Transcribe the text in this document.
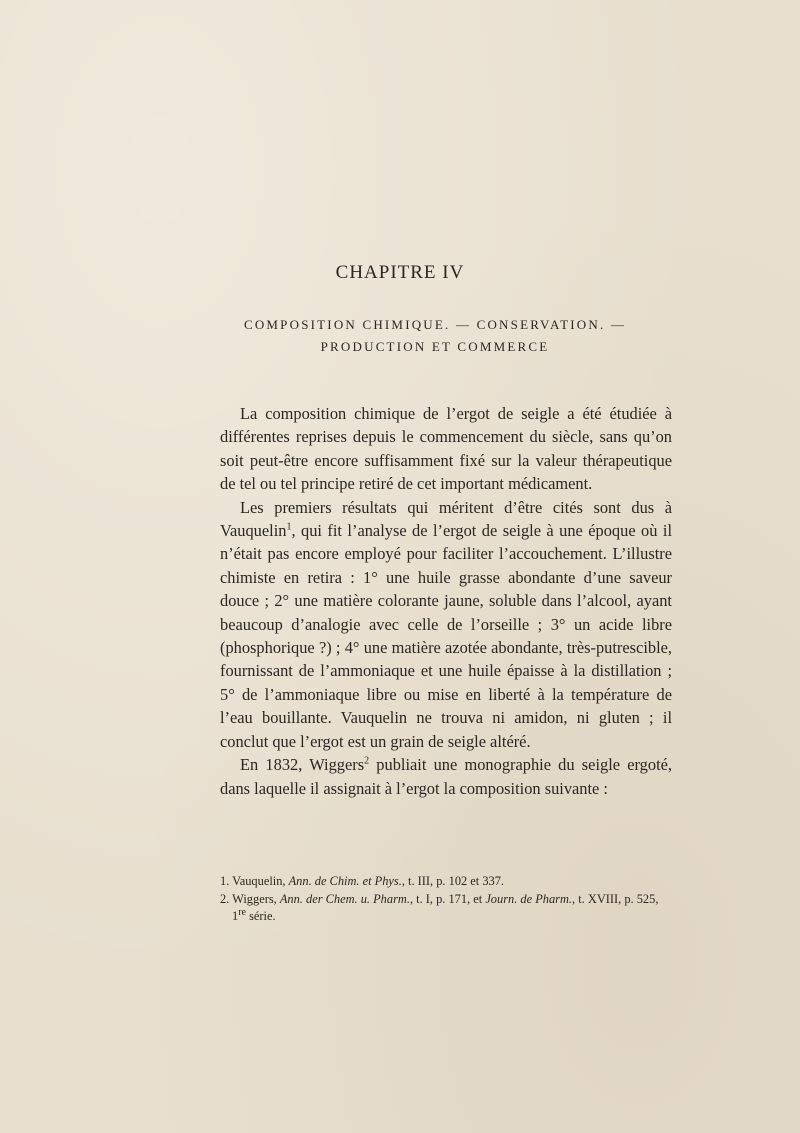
CHAPITRE IV
COMPOSITION CHIMIQUE. — CONSERVATION. —
PRODUCTION ET COMMERCE

La composition chimique de l’ergot de seigle a été étudiée à différentes reprises depuis le commencement du siècle, sans qu’on soit peut-être encore suffisamment fixé sur la valeur thérapeutique de tel ou tel principe retiré de cet important médicament.

Les premiers résultats qui méritent d’être cités sont dus à Vauquelin$^1$, qui fit l’analyse de l’ergot de seigle à une époque où il n’était pas encore employé pour faciliter l’accouchement. L’illustre chimiste en retira : 1° une huile grasse abondante d’une saveur douce ; 2° une matière colorante jaune, soluble dans l’alcool, ayant beaucoup d’analogie avec celle de l’orseille ; 3° un acide libre (phosphorique ?) ; 4° une matière azotée abondante, très-putrescible, fournissant de l’ammoniaque et une huile épaisse à la distillation ; 5° de l’ammoniaque libre ou mise en liberté à la température de l’eau bouillante. Vauquelin ne trouva ni amidon, ni gluten ; il conclut que l’ergot est un grain de seigle altéré.

En 1832, Wiggers$^2$ publiait une monographie du seigle ergoté, dans laquelle il assignait à l’ergot la composition suivante :

1. Vauquelin, Ann. de Chim. et Phys., t. III, p. 102 et 337.

2. Wiggers, Ann. der Chem. u. Pharm., t. I, p. 171, et Journ. de Pharm., t. XVIII, p. 525, 1re série.
